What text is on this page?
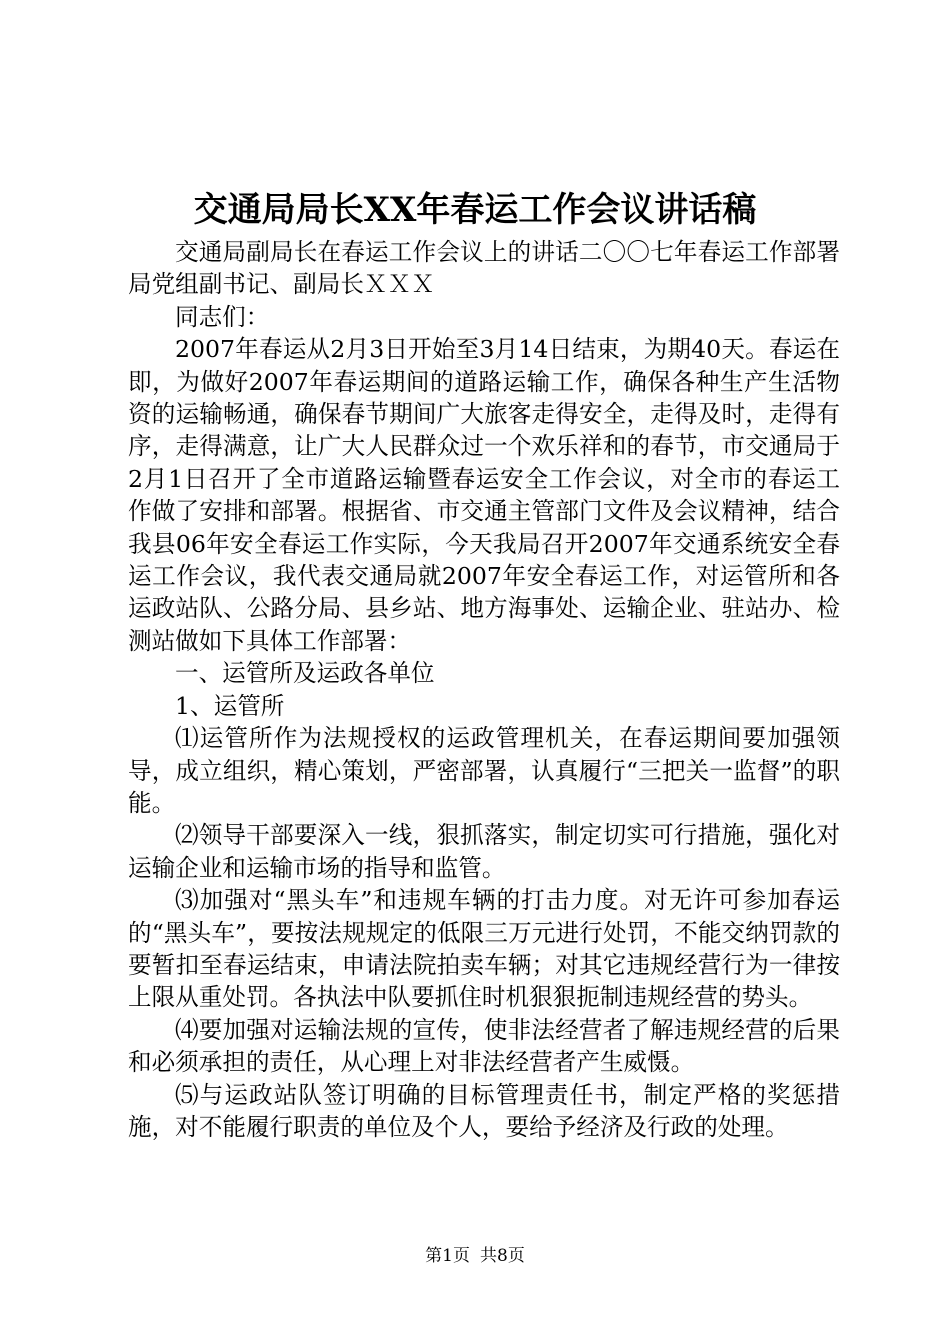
交通局局长XX年春运工作会议讲话稿

交通局副局长在春运工作会议上的讲话二〇〇七年春运工作部署局党组副书记、副局长ＸＸＸ

同志们：

2007年春运从2月3日开始至3月14日结束，为期40天。春运在即，为做好2007年春运期间的道路运输工作，确保各种生产生活物资的运输畅通，确保春节期间广大旅客走得安全，走得及时，走得有序，走得满意，让广大人民群众过一个欢乐祥和的春节，市交通局于2月1日召开了全市道路运输暨春运安全工作会议，对全市的春运工作做了安排和部署。根据省、市交通主管部门文件及会议精神，结合我县06年安全春运工作实际，今天我局召开2007年交通系统安全春运工作会议，我代表交通局就2007年安全春运工作，对运管所和各运政站队、公路分局、县乡站、地方海事处、运输企业、驻站办、检测站做如下具体工作部署：

一、运管所及运政各单位

1、运管所

⑴运管所作为法规授权的运政管理机关，在春运期间要加强领导，成立组织，精心策划，严密部署，认真履行“三把关一监督”的职能。

⑵领导干部要深入一线，狠抓落实，制定切实可行措施，强化对运输企业和运输市场的指导和监管。

⑶加强对“黑头车”和违规车辆的打击力度。对无许可参加春运的“黑头车”，要按法规规定的低限三万元进行处罚，不能交纳罚款的要暂扣至春运结束，申请法院拍卖车辆；对其它违规经营行为一律按上限从重处罚。各执法中队要抓住时机狠狠扼制违规经营的势头。

⑷要加强对运输法规的宣传，使非法经营者了解违规经营的后果和必须承担的责任，从心理上对非法经营者产生威慑。

⑸与运政站队签订明确的目标管理责任书，制定严格的奖惩措施，对不能履行职责的单位及个人，要给予经济及行政的处理。

第1页 共8页
